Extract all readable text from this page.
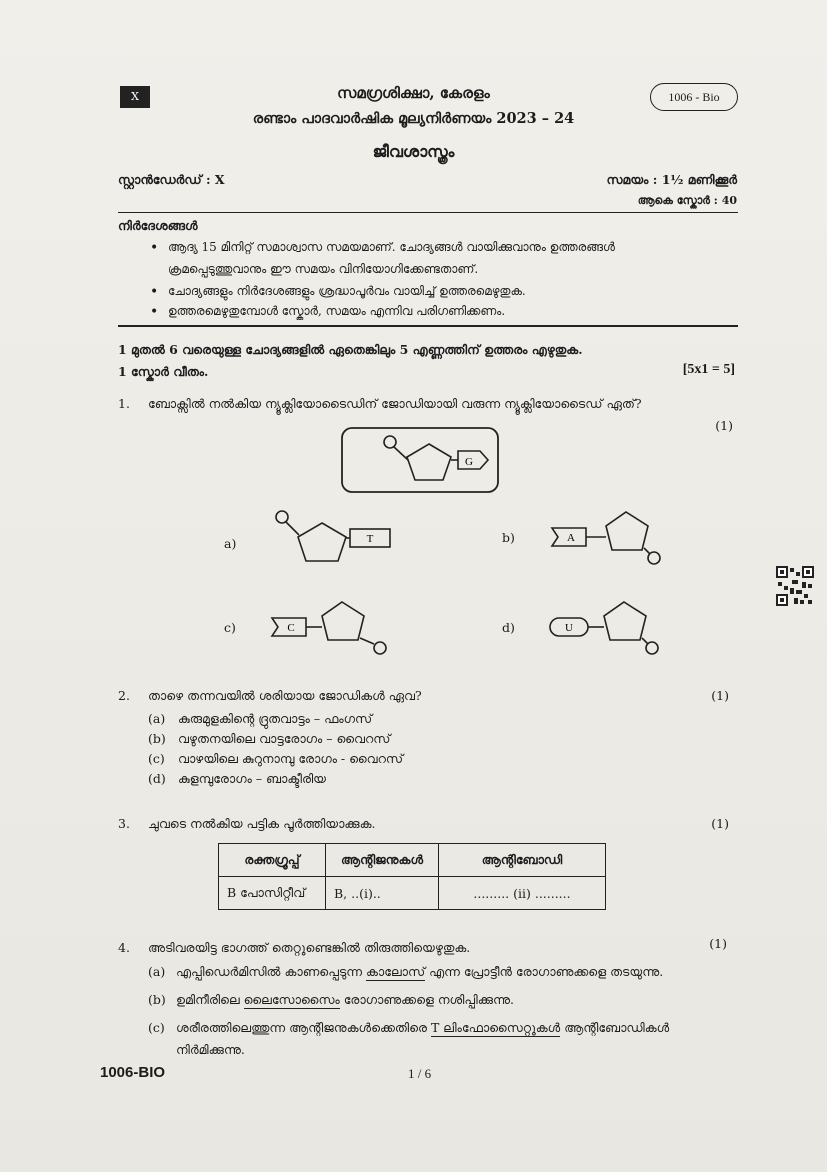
X	1006 - Bio
സമഗ്രശിക്ഷാ, കേരളം
രണ്ടാം പാദവാർഷിക മൂല്യനിർണയം 2023 – 24
ജീവശാസ്ത്രം
സ്റ്റാൻഡേർഡ് : X	സമയം : 1½ മണിക്കൂർ
ആകെ സ്കോർ : 40
നിർദേശങ്ങൾ
• ആദ്യ 15 മിനിറ്റ് സമാശ്വാസ സമയമാണ്. ചോദ്യങ്ങൾ വായിക്കുവാനും ഉത്തരങ്ങൾ
ക്രമപ്പെടുത്തുവാനും ഈ സമയം വിനിയോഗിക്കേണ്ടതാണ്.
• ചോദ്യങ്ങളും നിർദേശങ്ങളും ശ്രദ്ധാപൂർവം വായിച്ച് ഉത്തരമെഴുതുക.
• ഉത്തരമെഴുതുമ്പോൾ സ്കോർ, സമയം എന്നിവ പരിഗണിക്കണം.
1 മുതൽ 6 വരെയുള്ള ചോദ്യങ്ങളിൽ ഏതെങ്കിലും 5 എണ്ണത്തിന് ഉത്തരം എഴുതുക.
1 സ്കോർ വീതം.	[5x1 = 5]
1. ബോക്സിൽ നൽകിയ ന്യൂക്ലിയോടൈഡിന് ജോഡിയായി വരുന്ന ന്യൂക്ലിയോടൈഡ് ഏത്?
(1)
G
a)	T	b)	A
c)	C	d)	U
2. താഴെ തന്നവയിൽ ശരിയായ ജോഡികൾ ഏവ?	(1)
(a) കുരുമുളകിന്റെ ദ്രുതവാട്ടം – ഫംഗസ്
(b) വഴുതനയിലെ വാട്ടരോഗം – വൈറസ്
(c) വാഴയിലെ കുറുനാമ്പു രോഗം - വൈറസ്
(d) കുളമ്പുരോഗം – ബാക്ടീരിയ
3. ചുവടെ നൽകിയ പട്ടിക പൂർത്തിയാക്കുക.	(1)
രക്തഗ്രൂപ്പ്	ആന്റിജനുകൾ	ആന്റിബോഡി
B പോസിറ്റീവ്	B, ..(i)..	......... (ii) .........
4. അടിവരയിട്ട ഭാഗത്ത് തെറ്റുണ്ടെങ്കിൽ തിരുത്തിയെഴുതുക.	(1)
(a) എപ്പിഡെർമിസിൽ കാണപ്പെടുന്ന കാലോസ് എന്ന പ്രോട്ടീൻ രോഗാണുക്കളെ തടയുന്നു.
(b) ഉമിനീരിലെ ലൈസോസൈം രോഗാണുക്കളെ നശിപ്പിക്കുന്നു.
(c) ശരീരത്തിലെത്തുന്ന ആന്റിജനുകൾക്കെതിരെ T ലിംഫോസൈറ്റുകൾ ആന്റിബോഡികൾ
നിർമിക്കുന്നു.
1006-BIO	1 / 6
